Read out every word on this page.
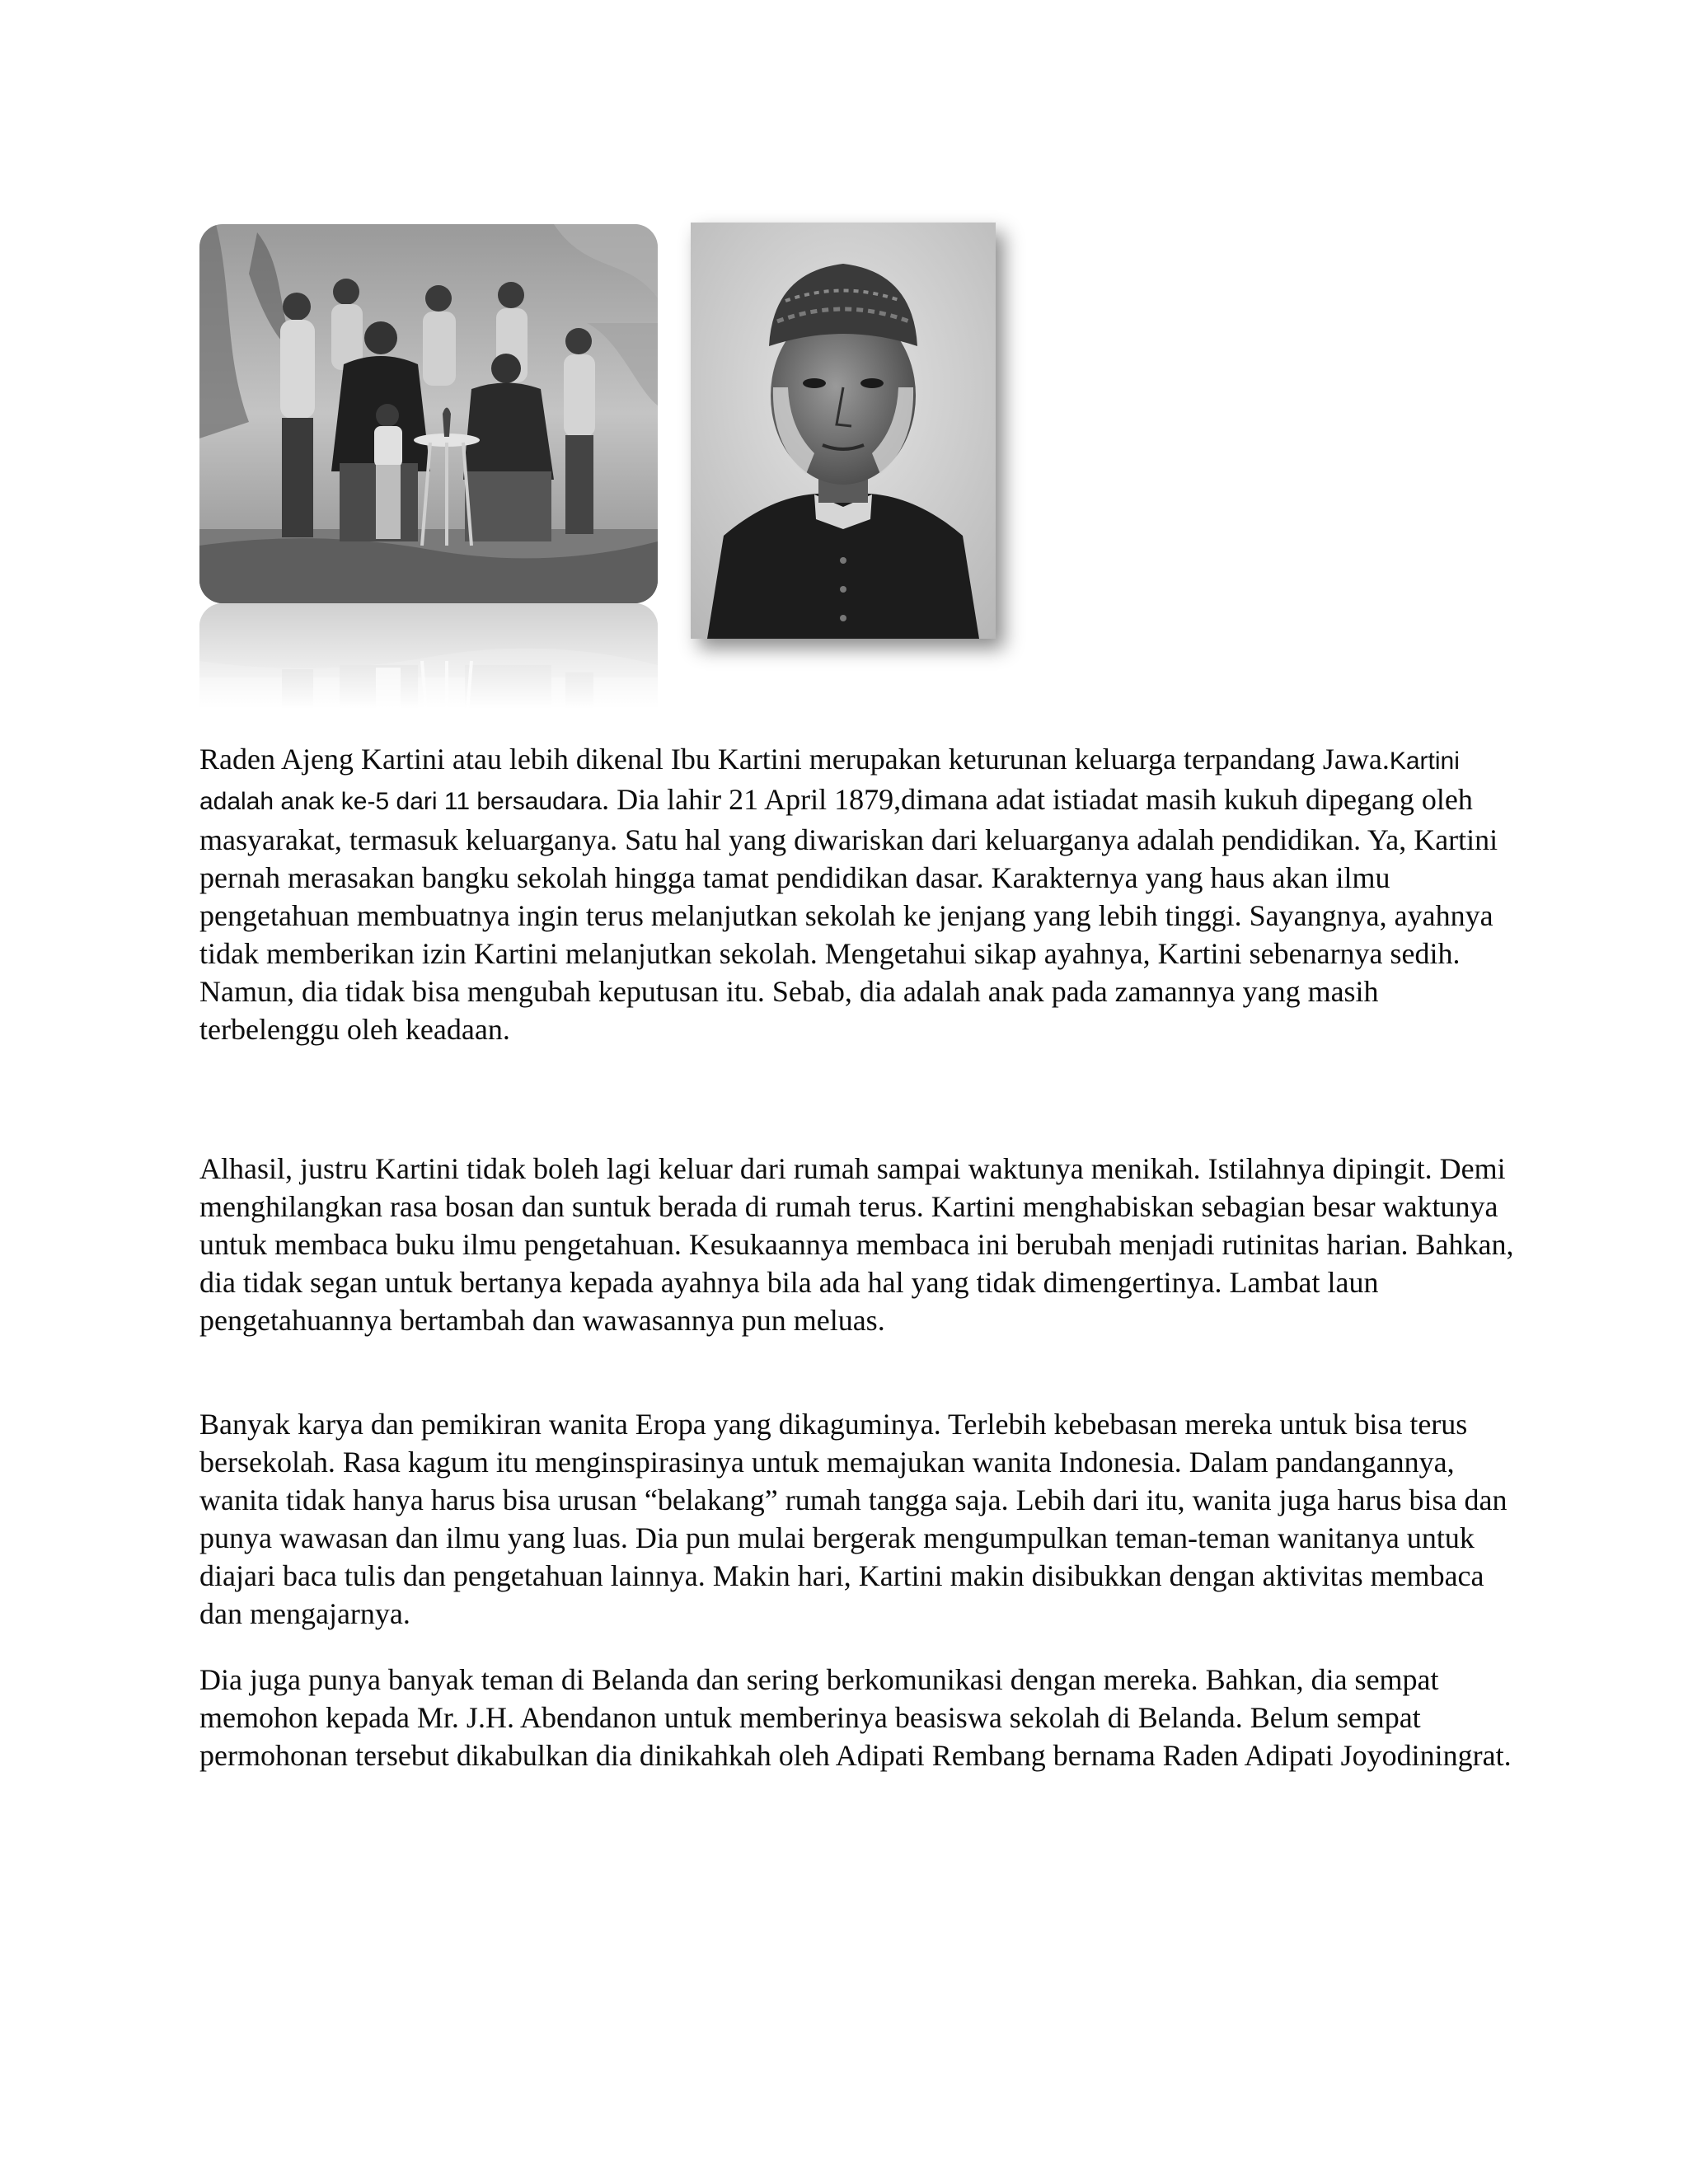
Raden Ajeng Kartini atau lebih dikenal Ibu Kartini merupakan keturunan keluarga terpandang Jawa.Kartini adalah anak ke-5 dari 11 bersaudara. Dia lahir 21 April 1879,dimana adat istiadat masih kukuh dipegang oleh masyarakat, termasuk keluarganya. Satu hal yang diwariskan dari keluarganya adalah pendidikan. Ya, Kartini pernah merasakan bangku sekolah hingga tamat pendidikan dasar. Karakternya yang haus akan ilmu pengetahuan membuatnya ingin terus melanjutkan sekolah ke jenjang yang lebih tinggi. Sayangnya, ayahnya tidak memberikan izin Kartini melanjutkan sekolah. Mengetahui sikap ayahnya, Kartini sebenarnya sedih. Namun, dia tidak bisa mengubah keputusan itu. Sebab, dia adalah anak pada zamannya yang masih terbelenggu oleh keadaan.

Alhasil, justru Kartini tidak boleh lagi keluar dari rumah sampai waktunya menikah. Istilahnya dipingit. Demi menghilangkan rasa bosan dan suntuk berada di rumah terus. Kartini menghabiskan sebagian besar waktunya untuk membaca buku ilmu pengetahuan. Kesukaannya membaca ini berubah menjadi rutinitas harian. Bahkan, dia tidak segan untuk bertanya kepada ayahnya bila ada hal yang tidak dimengertinya. Lambat laun pengetahuannya bertambah dan wawasannya pun meluas.

Banyak karya dan pemikiran wanita Eropa yang dikaguminya. Terlebih kebebasan mereka untuk bisa terus bersekolah. Rasa kagum itu menginspirasinya untuk memajukan wanita Indonesia. Dalam pandangannya, wanita tidak hanya harus bisa urusan “belakang” rumah tangga saja. Lebih dari itu, wanita juga harus bisa dan punya wawasan dan ilmu yang luas. Dia pun mulai bergerak mengumpulkan teman-teman wanitanya untuk diajari baca tulis dan pengetahuan lainnya. Makin hari, Kartini makin disibukkan dengan aktivitas membaca dan mengajarnya.

Dia juga punya banyak teman di Belanda dan sering berkomunikasi dengan mereka. Bahkan, dia sempat memohon kepada Mr. J.H. Abendanon untuk memberinya beasiswa sekolah di Belanda. Belum sempat permohonan tersebut dikabulkan dia dinikahkah oleh Adipati Rembang bernama Raden Adipati Joyodiningrat.
